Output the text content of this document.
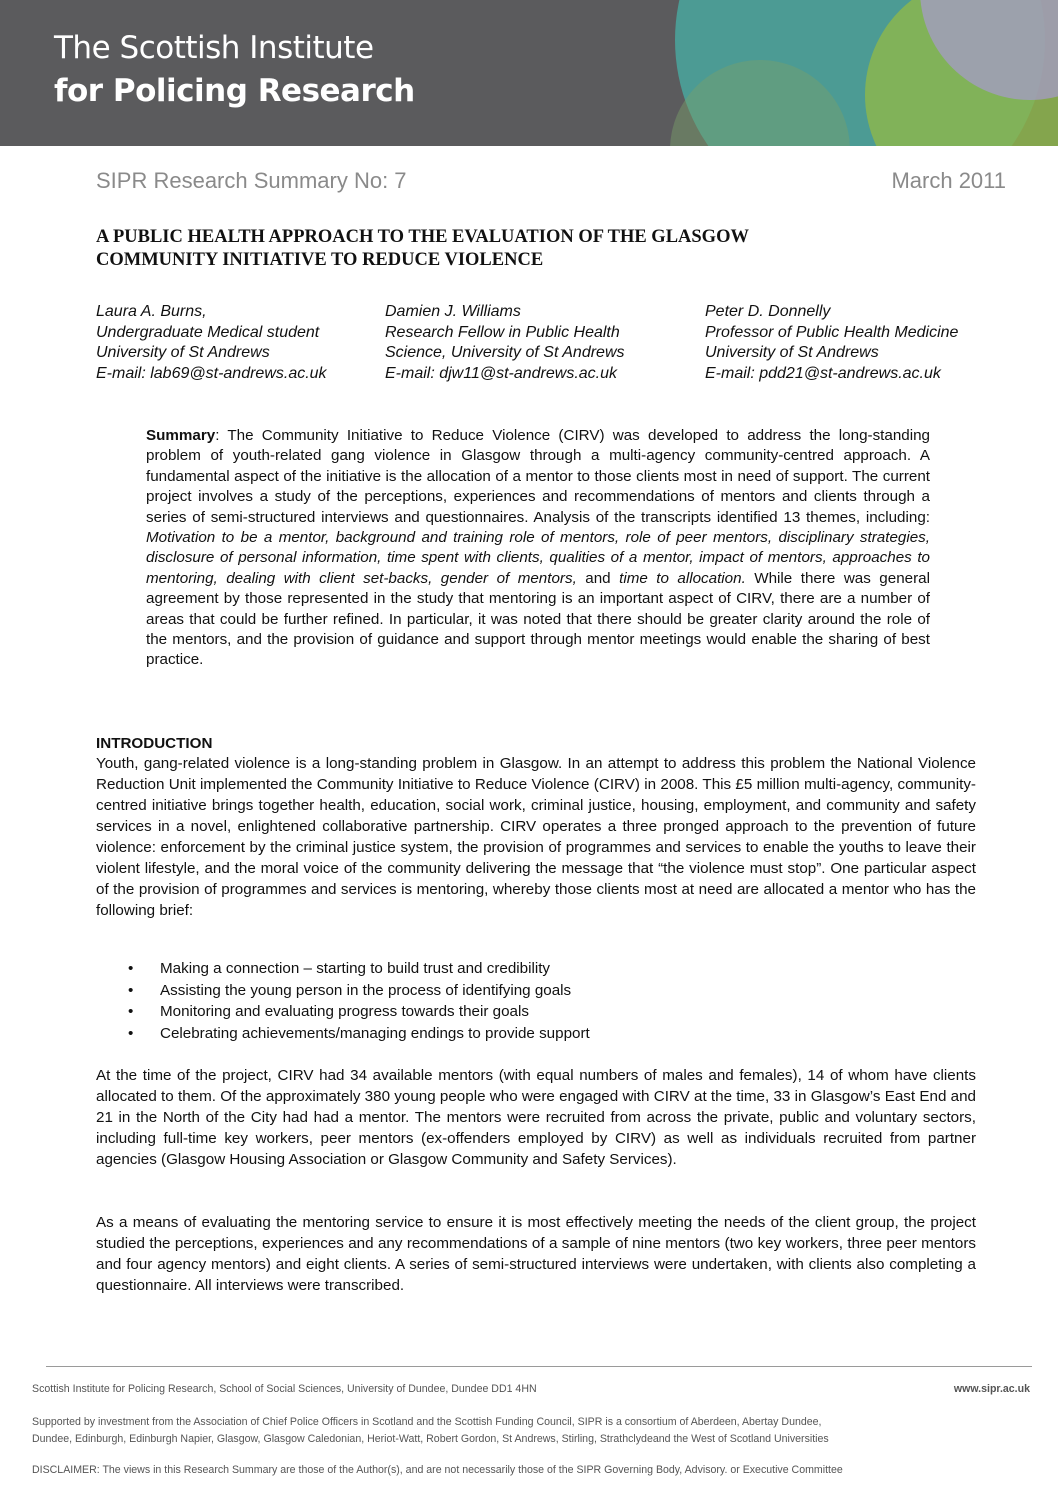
The Scottish Institute
for Policing Research
SIPR Research Summary No: 7	March 2011
A PUBLIC HEALTH APPROACH TO THE EVALUATION OF THE GLASGOW
COMMUNITY INITIATIVE TO REDUCE VIOLENCE
Laura A. Burns,
Undergraduate Medical student
University of St Andrews
E-mail: lab69@st-andrews.ac.uk
Damien J. Williams
Research Fellow in Public Health
Science, University of St Andrews
E-mail: djw11@st-andrews.ac.uk
Peter D. Donnelly
Professor of Public Health Medicine
University of St Andrews
E-mail: pdd21@st-andrews.ac.uk
Summary: The Community Initiative to Reduce Violence (CIRV) was developed to address the long-standing problem of youth-related gang violence in Glasgow through a multi-agency community-centred approach. A fundamental aspect of the initiative is the allocation of a mentor to those clients most in need of support. The current project involves a study of the perceptions, experiences and recommendations of mentors and clients through a series of semi-structured interviews and questionnaires. Analysis of the transcripts identified 13 themes, including: Motivation to be a mentor, background and training role of mentors, role of peer mentors, disciplinary strategies, disclosure of personal information, time spent with clients, qualities of a mentor, impact of mentors, approaches to mentoring, dealing with client set-backs, gender of mentors, and time to allocation. While there was general agreement by those represented in the study that mentoring is an important aspect of CIRV, there are a number of areas that could be further refined. In particular, it was noted that there should be greater clarity around the role of the mentors, and the provision of guidance and support through mentor meetings would enable the sharing of best practice.
INTRODUCTION
Youth, gang-related violence is a long-standing problem in Glasgow. In an attempt to address this problem the National Violence Reduction Unit implemented the Community Initiative to Reduce Violence (CIRV) in 2008. This £5 million multi-agency, community-centred initiative brings together health, education, social work, criminal justice, housing, employment, and community and safety services in a novel, enlightened collaborative partnership. CIRV operates a three pronged approach to the prevention of future violence: enforcement by the criminal justice system, the provision of programmes and services to enable the youths to leave their violent lifestyle, and the moral voice of the community delivering the message that “the violence must stop”. One particular aspect of the provision of programmes and services is mentoring, whereby those clients most at need are allocated a mentor who has the following brief:
• Making a connection – starting to build trust and credibility
• Assisting the young person in the process of identifying goals
• Monitoring and evaluating progress towards their goals
• Celebrating achievements/managing endings to provide support
At the time of the project, CIRV had 34 available mentors (with equal numbers of males and females), 14 of whom have clients allocated to them. Of the approximately 380 young people who were engaged with CIRV at the time, 33 in Glasgow’s East End and 21 in the North of the City had had a mentor. The mentors were recruited from across the private, public and voluntary sectors, including full-time key workers, peer mentors (ex-offenders employed by CIRV) as well as individuals recruited from partner agencies (Glasgow Housing Association or Glasgow Community and Safety Services).
As a means of evaluating the mentoring service to ensure it is most effectively meeting the needs of the client group, the project studied the perceptions, experiences and any recommendations of a sample of nine mentors (two key workers, three peer mentors and four agency mentors) and eight clients. A series of semi-structured interviews were undertaken, with clients also completing a questionnaire. All interviews were transcribed.
Scottish Institute for Policing Research, School of Social Sciences, University of Dundee, Dundee DD1 4HN	www.sipr.ac.uk
Supported by investment from the Association of Chief Police Officers in Scotland and the Scottish Funding Council, SIPR is a consortium of Aberdeen, Abertay Dundee,
Dundee, Edinburgh, Edinburgh Napier, Glasgow, Glasgow Caledonian, Heriot-Watt, Robert Gordon, St Andrews, Stirling, Strathclydeand the West of Scotland Universities
DISCLAIMER: The views in this Research Summary are those of the Author(s), and are not necessarily those of the SIPR Governing Body, Advisory. or Executive Committee
